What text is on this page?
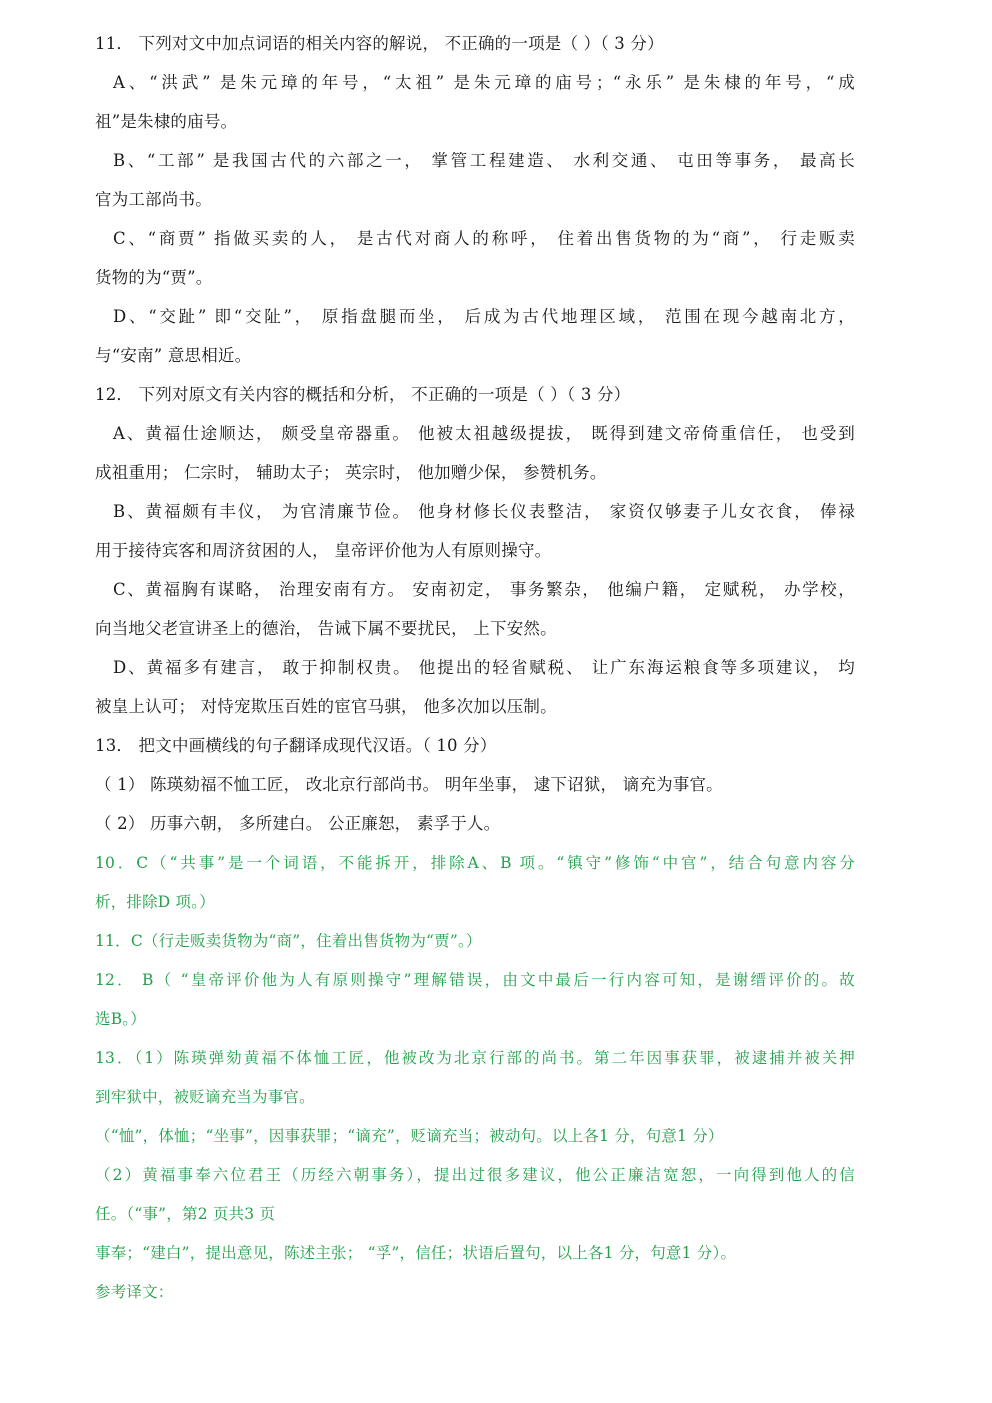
11． 下列对文中加点词语的相关内容的解说， 不正确的一项是（ ）（ 3 分）
A、“洪武” 是朱元璋的年号，“太祖” 是朱元璋的庙号；“永乐” 是朱棣的年号，“成
祖”是朱棣的庙号。
B、“工部” 是我国古代的六部之一， 掌管工程建造、 水利交通、 屯田等事务， 最高长
官为工部尚书。
C、“商贾” 指做买卖的人， 是古代对商人的称呼， 住着出售货物的为“商”， 行走贩卖
货物的为“贾”。
D、“交趾” 即“交阯”， 原指盘腿而坐， 后成为古代地理区域， 范围在现今越南北方，
与“安南” 意思相近。
12． 下列对原文有关内容的概括和分析， 不正确的一项是（ ）（ 3 分）
A、黄福仕途顺达， 颇受皇帝器重。 他被太祖越级提拔， 既得到建文帝倚重信任， 也受到
成祖重用； 仁宗时， 辅助太子； 英宗时， 他加赠少保， 参赞机务。
B、黄福颇有丰仪， 为官清廉节俭。 他身材修长仪表整洁， 家资仅够妻子儿女衣食， 俸禄
用于接待宾客和周济贫困的人， 皇帝评价他为人有原则操守。
C、黄福胸有谋略， 治理安南有方。 安南初定， 事务繁杂， 他编户籍， 定赋税， 办学校，
向当地父老宣讲圣上的德治， 告诫下属不要扰民， 上下安然。
D、黄福多有建言， 敢于抑制权贵。 他提出的轻省赋税、 让广东海运粮食等多项建议， 均
被皇上认可； 对恃宠欺压百姓的宦官马骐， 他多次加以压制。
13． 把文中画横线的句子翻译成现代汉语。（ 10 分）
（ 1） 陈瑛劾福不恤工匠， 改北京行部尚书。 明年坐事， 逮下诏狱， 谪充为事官。
（ 2） 历事六朝， 多所建白。 公正廉恕， 素孚于人。
10．C（“共事”是一个词语，不能拆开，排除A、B 项。“镇守”修饰“中官”，结合句意内容分
析，排除D 项。）
11．C（行走贩卖货物为“商”，住着出售货物为“贾”。）
12． B（ “皇帝评价他为人有原则操守”理解错误，由文中最后一行内容可知，是谢缙评价的。故
选B。）
13．（1）陈瑛弹劾黄福不体恤工匠，他被改为北京行部的尚书。第二年因事获罪，被逮捕并被关押
到牢狱中，被贬谪充当为事官。
（“恤”，体恤；“坐事”，因事获罪；“谪充”，贬谪充当；被动句。以上各1 分，句意1 分）
（2）黄福事奉六位君王（历经六朝事务），提出过很多建议，他公正廉洁宽恕，一向得到他人的信
任。（“事”，第2 页共3 页
事奉；“建白”，提出意见，陈述主张； “孚”，信任；状语后置句，以上各1 分，句意1 分）。
参考译文：
